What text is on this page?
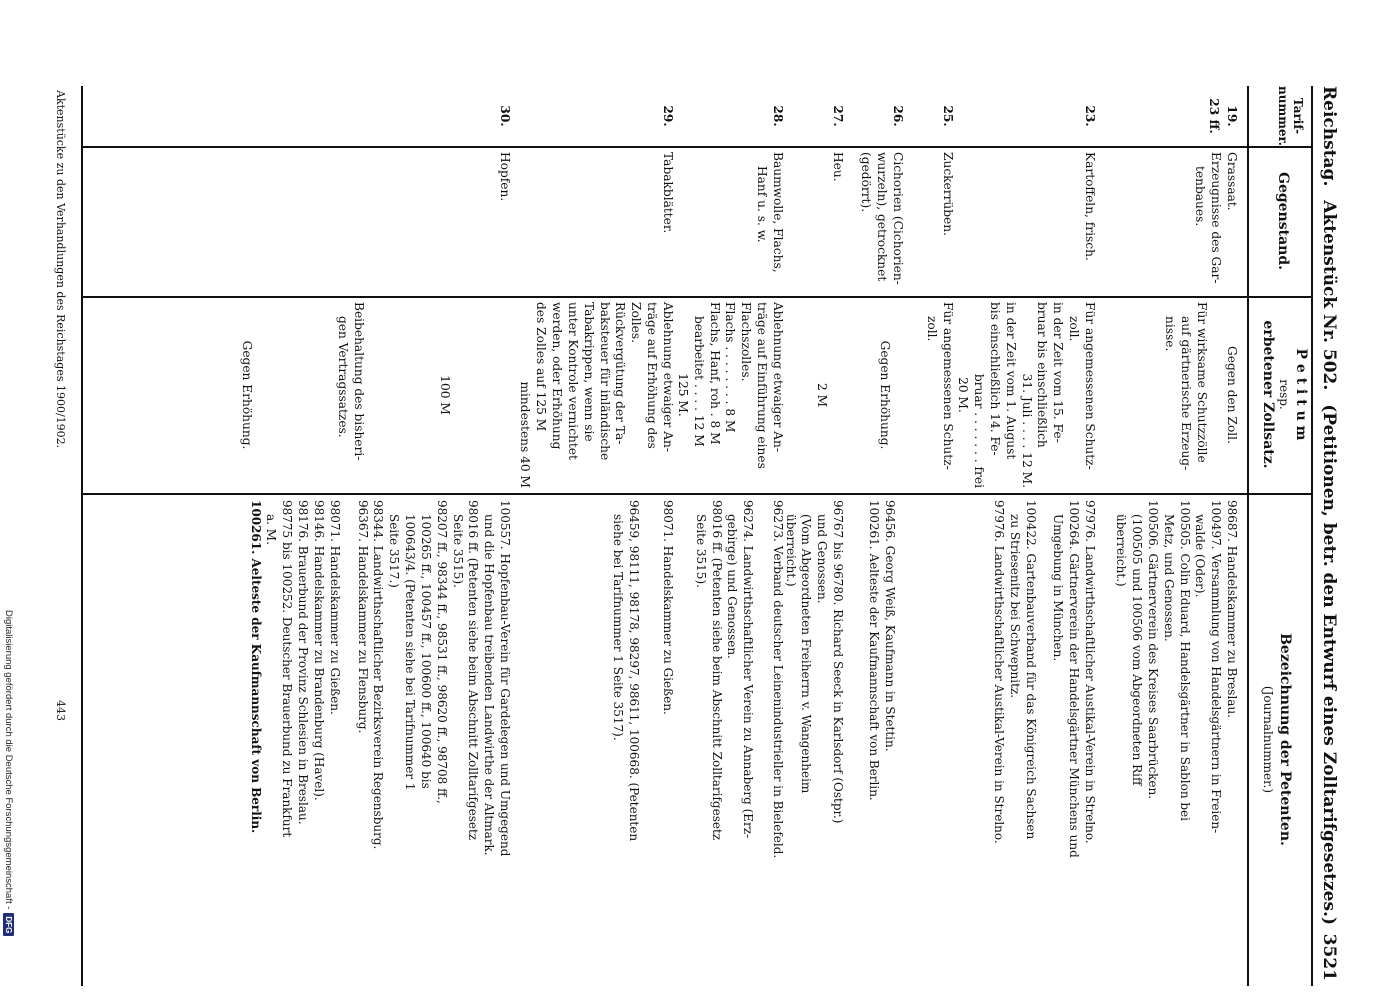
Reichstag. Aktenstück Nr. 502. (Petitionen, betr. den Entwurf eines Zolltarifgesetzes.)
3521
Tarif-
nummer.
Gegenstand.
P e t i t u m
resp.
erbetener Zollsatz.
Bezeichnung der Petenten.
(Journalnummer.)
19.
23 ff.
Grassaat.
Erzeugnisse des Gar-
tenbaues.
Gegen den Zoll.
Für wirksame Schutzzölle
auf gärtnerische Erzeug-
nisse.
98687. Handelskammer zu Breslau.
100497. Versammlung von Handelsgärtnern in Freien-
walde (Oder).
100505. Colin Eduard, Handelsgärtner in Sablon bei
Metz, und Genossen.
100506. Gärtnerverein des Kreises Saarbrücken.
(100505 und 100506 vom Abgeordneten Riff
überreicht.)
23.
Kartoffeln, frisch.
Für angemessenen Schutz-
zoll.
in der Zeit vom 15. Fe-
bruar bis einschließlich
31. Juli . . . . 12 M.
in der Zeit vom 1. August
bis einschließlich 14. Fe-
bruar . . . . . . . frei
20 M.
97976. Landwirthschaftlicher Austikal-Verein in Strelno.
100264. Gärtnerverein der Handelsgärtner Münchens und
Umgebung in München.
100422. Gartenbauverband für das Königreich Sachsen
zu Striesenitz bei Schwepnitz.
97976. Landwirthschaftlicher Austikal-Verein in Strelno.
25.
Zuckerrüben.
Für angemessenen Schutz-
zoll.
26.
Cichorien (Cichorien-
wurzeln), getrocknet
(gedörrt).
Gegen Erhöhung.
96456. Georg Weiß, Kaufmann in Stettin.
100261. Aelteste der Kaufmannschaft von Berlin.
27.
Heu.
2 M
96767 bis 96780. Richard Seeck in Karlsdorf (Ostpr.)
und Genossen.
(Vom Abgeordneten Freiherrn v. Wangenheim
überreicht.)
28.
Baumwolle, Flachs,
Hanf u. s. w.
Ablehnung etwaiger An-
träge auf Einführung eines
Flachszolles.
Flachs . . . . . . . . 8 M
Flachs, Hanf, roh . 8 M
bearbeitet . . . . 12 M
125 M.
96273. Verband deutscher Leinenindustrieller in Bielefeld.
96274. Landwirthschaftlicher Verein zu Annaberg (Erz-
gebirge) und Genossen.
98016 ff. (Petenten siehe beim Abschnitt Zolltarifgesetz
Seite 3515).
29.
Tabakblätter.
Ablehnung etwaiger An-
träge auf Erhöhung des
Zolles.
Rückvergütung der Ta-
baksteuer für inländische
Tabakrippen, wenn sie
unter Kontrole vernichtet
werden, oder Erhöhung
des Zolles auf 125 M
mindestens 40 M
98071. Handelskammer zu Gießen.
96459, 98111, 98178, 98297, 98611, 100668. (Petenten
siehe bei Tarifnummer 1 Seite 3517).
30.
Hopfen.
100 M
Beibehaltung des bisheri-
gen Vertragssatzes.
Gegen Erhöhung.
100557. Hopfenbau-Verein für Gardelegen und Umgegend
und die Hopfenbau treibenden Landwirthe der Altmark.
98016 ff. (Petenten siehe beim Abschnitt Zolltarifgesetz
Seite 3515).
98207 ff., 98344 ff., 98531 ff., 98620 ff., 98708 ff.,
100265 ff., 100457 ff., 100600 ff., 100640 bis
100643/4. (Petenten siehe bei Tarifnummer 1
Seite 3517.)
98344. Landwirthschaftlicher Bezirksverein Regensburg.
96367. Handelskammer zu Flensburg.
98071. Handelskammer zu Gießen.
98146. Handelskammer zu Brandenburg (Havel).
98176. Brauerbund der Provinz Schlesien in Breslau.
98775 bis 100252. Deutscher Brauerbund zu Frankfurt
a. M.
100261. Aelteste der Kaufmannschaft von Berlin.
Aktenstücke zu den Verhandlungen des Reichstages 1900/1902.
443
Digitalisierung gefördert durch die Deutsche Forschungsgemeinschaft -DFG
